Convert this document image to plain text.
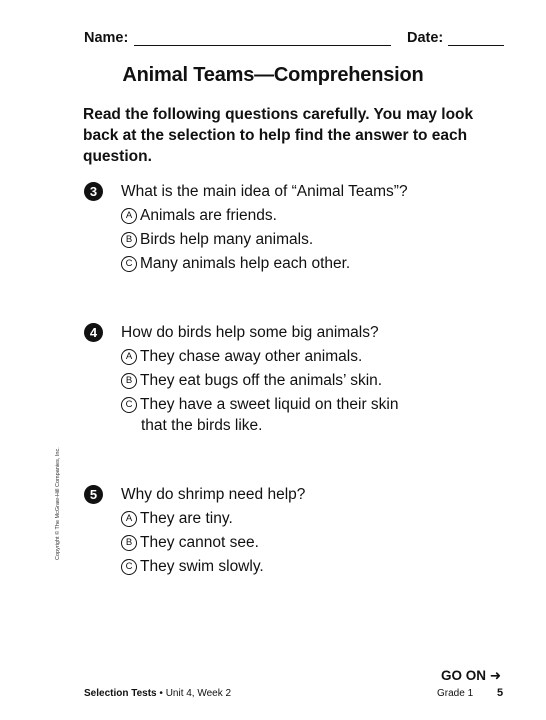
Name:	Date:
Animal Teams—Comprehension
Read the following questions carefully. You may look back at the selection to help find the answer to each question.
3	What is the main idea of “Animal Teams”?
A Animals are friends.
B Birds help many animals.
C Many animals help each other.
4	How do birds help some big animals?
A They chase away other animals.
B They eat bugs off the animals’ skin.
C They have a sweet liquid on their skin
that the birds like.
5	Why do shrimp need help?
A They are tiny.
B They cannot see.
C They swim slowly.
Copyright © The McGraw-Hill Companies, Inc.
GO ON ➜
Selection Tests • Unit 4, Week 2	Grade 1 5
